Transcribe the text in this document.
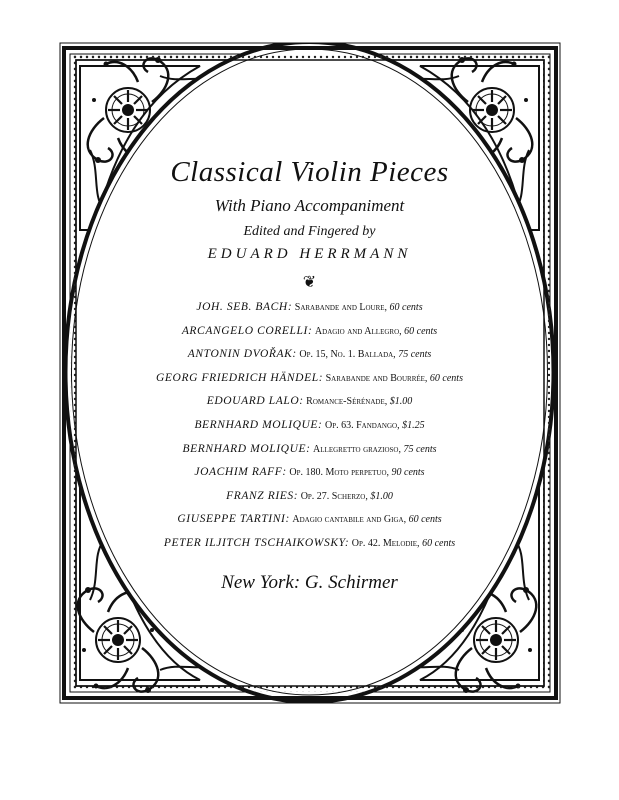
Classical Violin Pieces
With Piano Accompaniment
Edited and Fingered by
EDUARD HERRMANN
❦
JOH. SEB. BACH: Sarabande and Loure, 60 cents
ARCANGELO CORELLI: Adagio and Allegro, 60 cents
ANTONIN DVOŘAK: Op. 15, No. 1. Ballada, 75 cents
GEORG FRIEDRICH HÄNDEL: Sarabande and Bourrée, 60 cents
EDOUARD LALO: Romance-Sérénade, $1.00
BERNHARD MOLIQUE: Op. 63. Fandango, $1.25
BERNHARD MOLIQUE: Allegretto grazioso, 75 cents
JOACHIM RAFF: Op. 180. Moto perpetuo, 90 cents
FRANZ RIES: Op. 27. Scherzo, $1.00
GIUSEPPE TARTINI: Adagio cantabile and Giga, 60 cents
PETER ILJITCH TSCHAIKOWSKY: Op. 42. Melodie, 60 cents
New York: G. Schirmer
